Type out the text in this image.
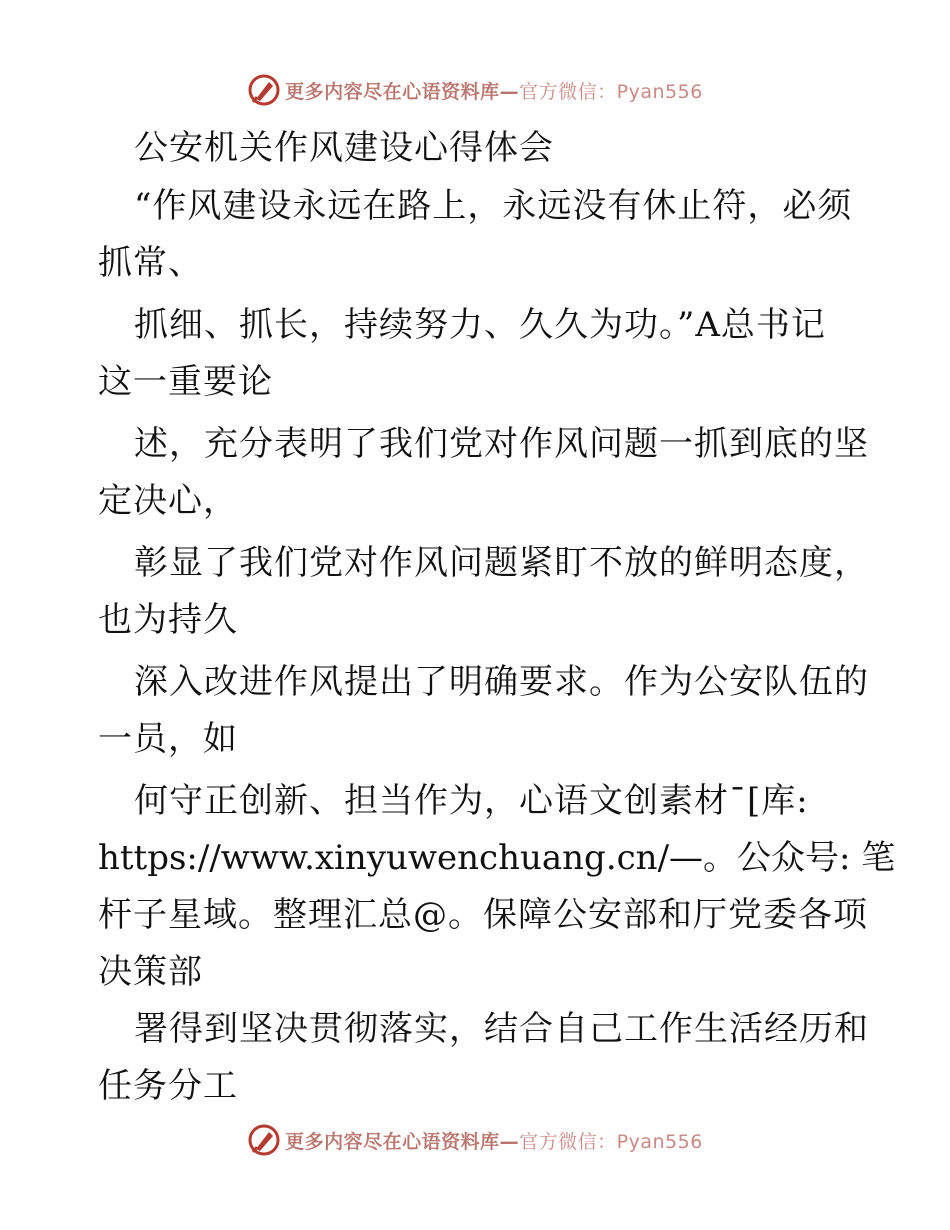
更多内容尽在心语资料库—官方微信：Pyan556
公安机关作风建设心得体会
“作风建设永远在路上，永远没有休止符，必须
抓常、
抓细、抓长，持续努力、久久为功。”A总书记
这一重要论
述，充分表明了我们党对作风问题一抓到底的坚
定决心，
彰显了我们党对作风问题紧盯不放的鲜明态度，
也为持久
深入改进作风提出了明确要求。作为公安队伍的
一员，如
何守正创新、担当作为，心语文创素材¯[库:
https://www.xinyuwenchuang.cn/—。公众号: 笔
杆子星域。整理汇总@。保障公安部和厅党委各项
决策部
署得到坚决贯彻落实，结合自己工作生活经历和
任务分工
更多内容尽在心语资料库—官方微信：Pyan556
